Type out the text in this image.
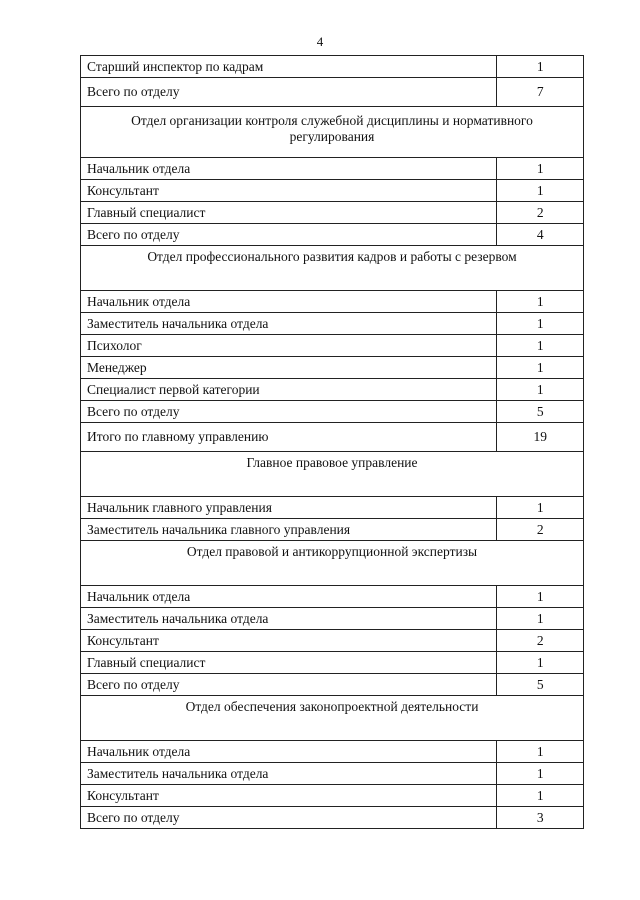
4
Старший инспектор по кадрам	1
Всего по отделу	7
Отдел организации контроля служебной дисциплины и нормативного регулирования	
Начальник отдела	1
Консультант	1
Главный специалист	2
Всего по отделу	4
Отдел профессионального развития кадров и работы с резервом	
Начальник отдела	1
Заместитель начальника отдела	1
Психолог	1
Менеджер	1
Специалист первой категории	1
Всего по отделу	5
Итого по главному управлению	19
Главное правовое управление	
Начальник главного управления	1
Заместитель начальника главного управления	2
Отдел правовой и антикоррупционной экспертизы	
Начальник отдела	1
Заместитель начальника отдела	1
Консультант	2
Главный специалист	1
Всего по отделу	5
Отдел обеспечения законопроектной деятельности	
Начальник отдела	1
Заместитель начальника отдела	1
Консультант	1
Всего по отделу	3
